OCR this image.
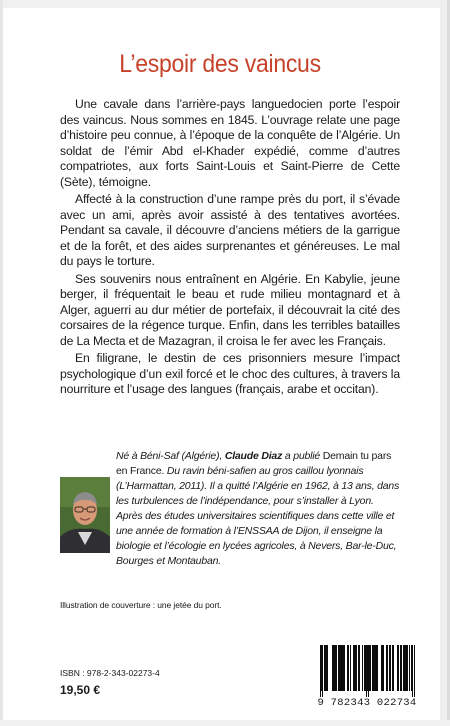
L’espoir des vaincus

Une cavale dans l’arrière-pays languedocien porte l’espoir des vaincus. Nous sommes en 1845. L’ouvrage relate une page d’histoire peu connue, à l’époque de la conquête de l’Algérie. Un soldat de l’émir Abd el-Khader expédié, comme d’autres compatriotes, aux forts Saint-Louis et Saint-Pierre de Cette (Sète), témoigne.

Affecté à la construction d’une rampe près du port, il s’évade avec un ami, après avoir assisté à des tentatives avortées. Pendant sa cavale, il découvre d’anciens métiers de la garrigue et de la forêt, et des aides surprenantes et généreuses. Le mal du pays le torture.

Ses souvenirs nous entraînent en Algérie. En Kabylie, jeune berger, il fréquentait le beau et rude milieu montagnard et à Alger, aguerri au dur métier de portefaix, il découvrait la cité des corsaires de la régence turque. Enfin, dans les terribles batailles de La Mecta et de Mazagran, il croisa le fer avec les Français.

En filigrane, le destin de ces prisonniers mesure l’impact psychologique d’un exil forcé et le choc des cultures, à travers la nourriture et l’usage des langues (français, arabe et occitan).

Né à Béni-Saf (Algérie), Claude Diaz a publié Demain tu pars en France. Du ravin béni-safien au gros caillou lyonnais (L’Harmattan, 2011). Il a quitté l’Algérie en 1962, à 13 ans, dans les turbulences de l’indépendance, pour s’installer à Lyon. Après des études universitaires scientifiques dans cette ville et une année de formation à l’ENSSAA de Dijon, il enseigne la biologie et l’écologie en lycées agricoles, à Nevers, Bar-le-Duc, Bourges et Montauban.
Illustration de couverture : une jetée du port.
ISBN : 978-2-343-02273-4
19,50 €
9 782343 022734
